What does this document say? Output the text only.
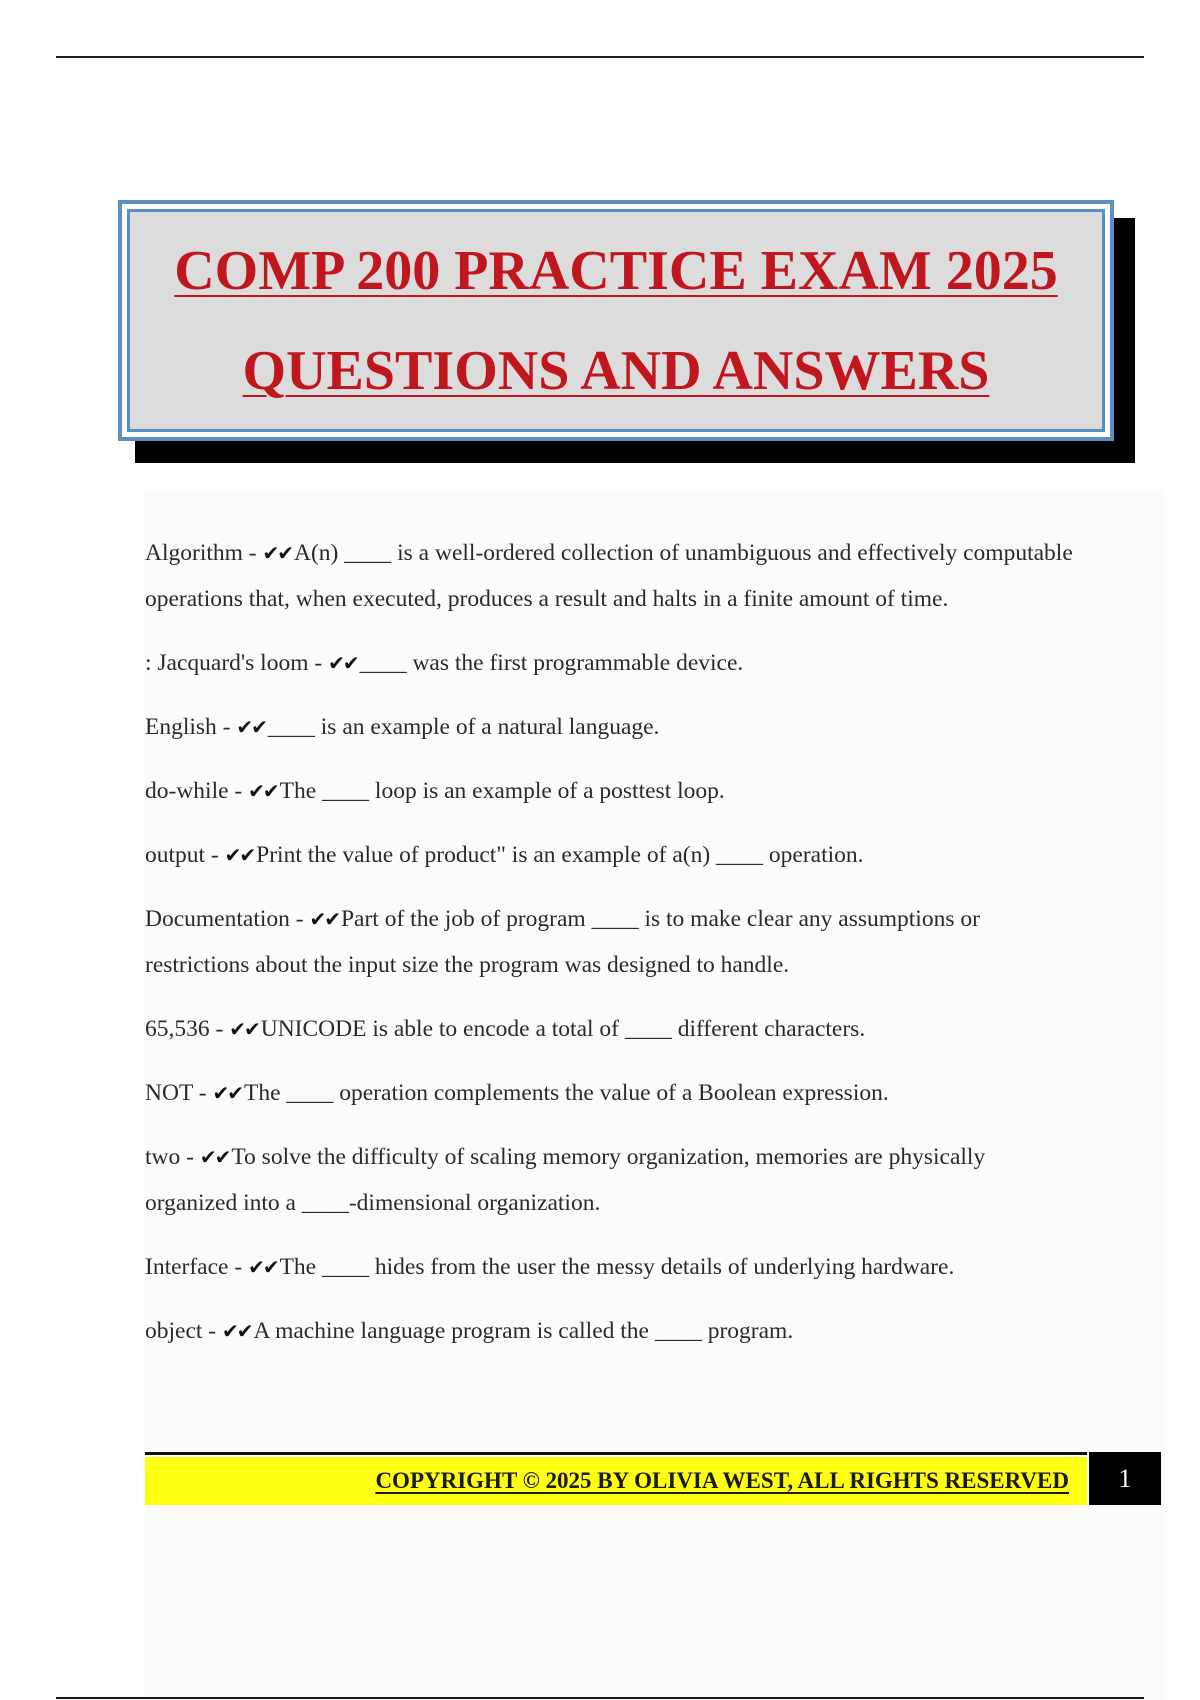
COMP 200 PRACTICE EXAM 2025
QUESTIONS AND ANSWERS

Algorithm - ✔✔A(n) ____ is a well-ordered collection of unambiguous and effectively computable operations that, when executed, produces a result and halts in a finite amount of time.

: Jacquard's loom - ✔✔____ was the first programmable device.

English - ✔✔____ is an example of a natural language.

do-while - ✔✔The ____ loop is an example of a posttest loop.

output - ✔✔Print the value of product" is an example of a(n) ____ operation.

Documentation - ✔✔Part of the job of program ____ is to make clear any assumptions or restrictions about the input size the program was designed to handle.

65,536 - ✔✔UNICODE is able to encode a total of ____ different characters.

NOT - ✔✔The ____ operation complements the value of a Boolean expression.

two - ✔✔To solve the difficulty of scaling memory organization, memories are physically organized into a ____-dimensional organization.

Interface - ✔✔The ____ hides from the user the messy details of underlying hardware.

object - ✔✔A machine language program is called the ____ program.

COPYRIGHT © 2025 BY OLIVIA WEST, ALL RIGHTS RESERVED	1
